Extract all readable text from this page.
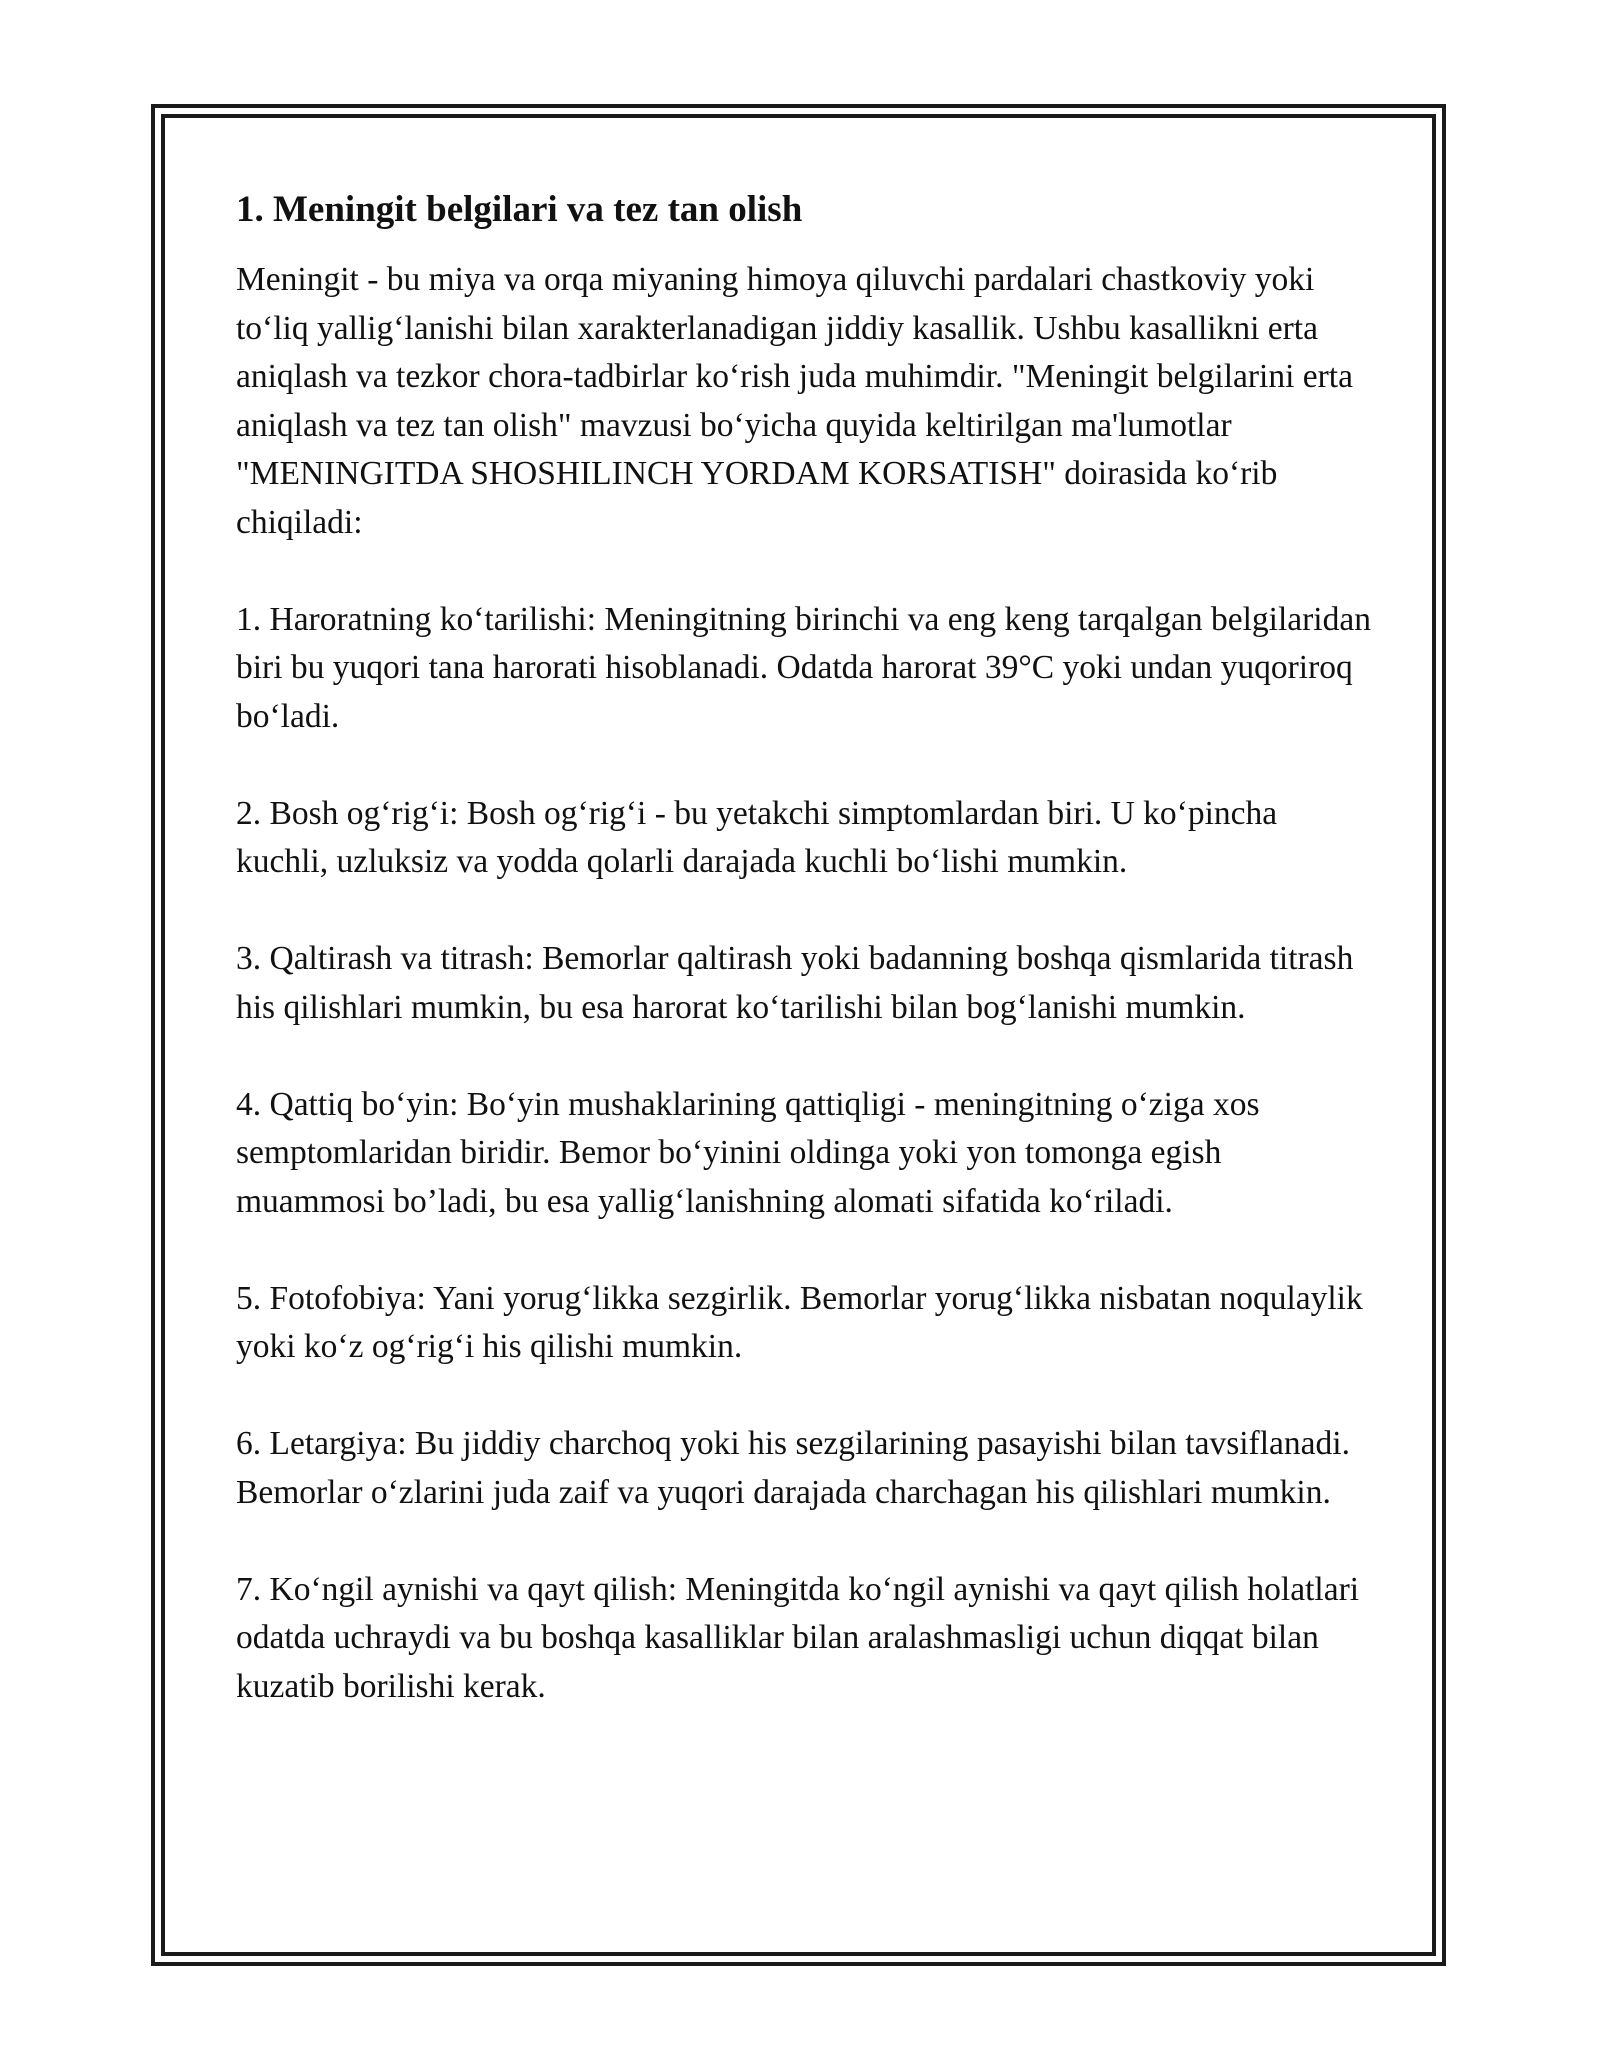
1. Meningit belgilari va tez tan olish

Meningit - bu miya va orqa miyaning himoya qiluvchi pardalari chastkoviy yoki to‘liq yallig‘lanishi bilan xarakterlanadigan jiddiy kasallik. Ushbu kasallikni erta aniqlash va tezkor chora-tadbirlar ko‘rish juda muhimdir. "Meningit belgilarini erta aniqlash va tez tan olish" mavzusi bo‘yicha quyida keltirilgan ma'lumotlar "MENINGITDA SHOSHILINCH YORDAM KORSATISH" doirasida ko‘rib chiqiladi:

1. Haroratning ko‘tarilishi: Meningitning birinchi va eng keng tarqalgan belgilaridan biri bu yuqori tana harorati hisoblanadi. Odatda harorat 39°C yoki undan yuqoriroq bo‘ladi.

2. Bosh og‘rig‘i: Bosh og‘rig‘i - bu yetakchi simptomlardan biri. U ko‘pincha kuchli, uzluksiz va yodda qolarli darajada kuchli bo‘lishi mumkin.

3. Qaltirash va titrash: Bemorlar qaltirash yoki badanning boshqa qismlarida titrash his qilishlari mumkin, bu esa harorat ko‘tarilishi bilan bog‘lanishi mumkin.

4. Qattiq bo‘yin: Bo‘yin mushaklarining qattiqligi - meningitning o‘ziga xos semptomlaridan biridir. Bemor bo‘yinini oldinga yoki yon tomonga egish muammosi bo’ladi, bu esa yallig‘lanishning alomati sifatida ko‘riladi.

5. Fotofobiya: Yani yorug‘likka sezgirlik. Bemorlar yorug‘likka nisbatan noqulaylik yoki ko‘z og‘rig‘i his qilishi mumkin.

6. Letargiya: Bu jiddiy charchoq yoki his sezgilarining pasayishi bilan tavsiflanadi. Bemorlar o‘zlarini juda zaif va yuqori darajada charchagan his qilishlari mumkin.

7. Ko‘ngil aynishi va qayt qilish: Meningitda ko‘ngil aynishi va qayt qilish holatlari odatda uchraydi va bu boshqa kasalliklar bilan aralashmasligi uchun diqqat bilan kuzatib borilishi kerak.
